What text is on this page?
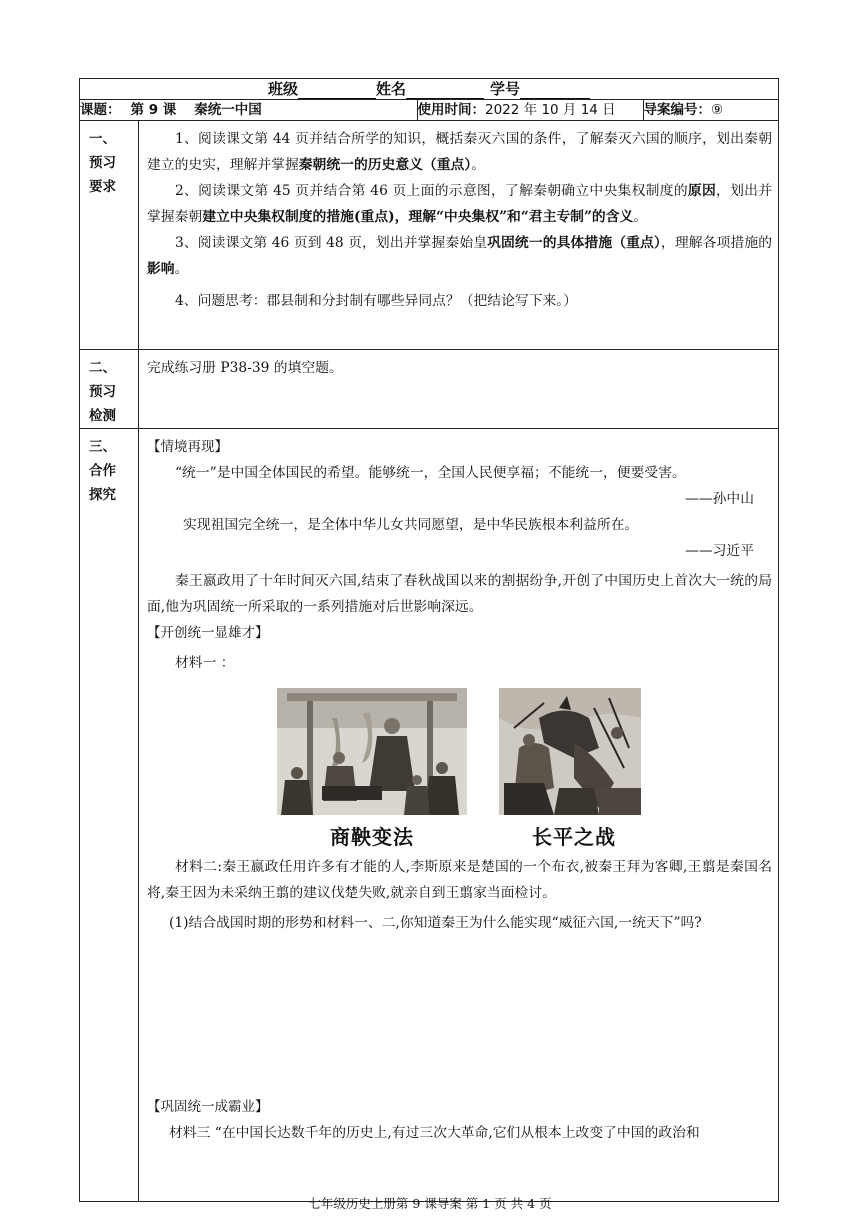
班级	姓名	学号

课题： 第 9 课 秦统一中国	使用时间：2022 年 10 月 14 日	导案编号：⑨

一、
预习
要求

1、阅读课文第 44 页并结合所学的知识，概括秦灭六国的条件，了解秦灭六国的顺序，划出秦朝建立的史实，理解并掌握秦朝统一的历史意义（重点）。

2、阅读课文第 45 页并结合第 46 页上面的示意图，了解秦朝确立中央集权制度的原因，划出并掌握秦朝建立中央集权制度的措施(重点)，理解“中央集权”和“君主专制”的含义。

3、阅读课文第 46 页到 48 页，划出并掌握秦始皇巩固统一的具体措施（重点），理解各项措施的影响。

4、问题思考：郡县制和分封制有哪些异同点？（把结论写下来。）

二、
预习
检测

完成练习册 P38-39 的填空题。

三、
合作
探究

【情境再现】

“统一”是中国全体国民的希望。能够统一，全国人民便享福；不能统一，便要受害。

——孙中山

实现祖国完全统一，是全体中华儿女共同愿望，是中华民族根本利益所在。

——习近平

秦王嬴政用了十年时间灭六国,结束了春秋战国以来的割据纷争,开创了中国历史上首次大一统的局面,他为巩固统一所采取的一系列措施对后世影响深远。

【开创统一显雄才】

材料一 ：

商鞅变法	长平之战

材料二:秦王嬴政任用许多有才能的人,李斯原来是楚国的一个布衣,被秦王拜为客卿,王翦是秦国名将,秦王因为未采纳王翦的建议伐楚失败,就亲自到王翦家当面检讨。

(1)结合战国时期的形势和材料一、二,你知道秦王为什么能实现“威征六国,一统天下”吗?

【巩固统一成霸业】

材料三 “在中国长达数千年的历史上,有过三次大革命,它们从根本上改变了中国的政治和

七年级历史上册第 9 课导案 第 1 页 共 4 页
